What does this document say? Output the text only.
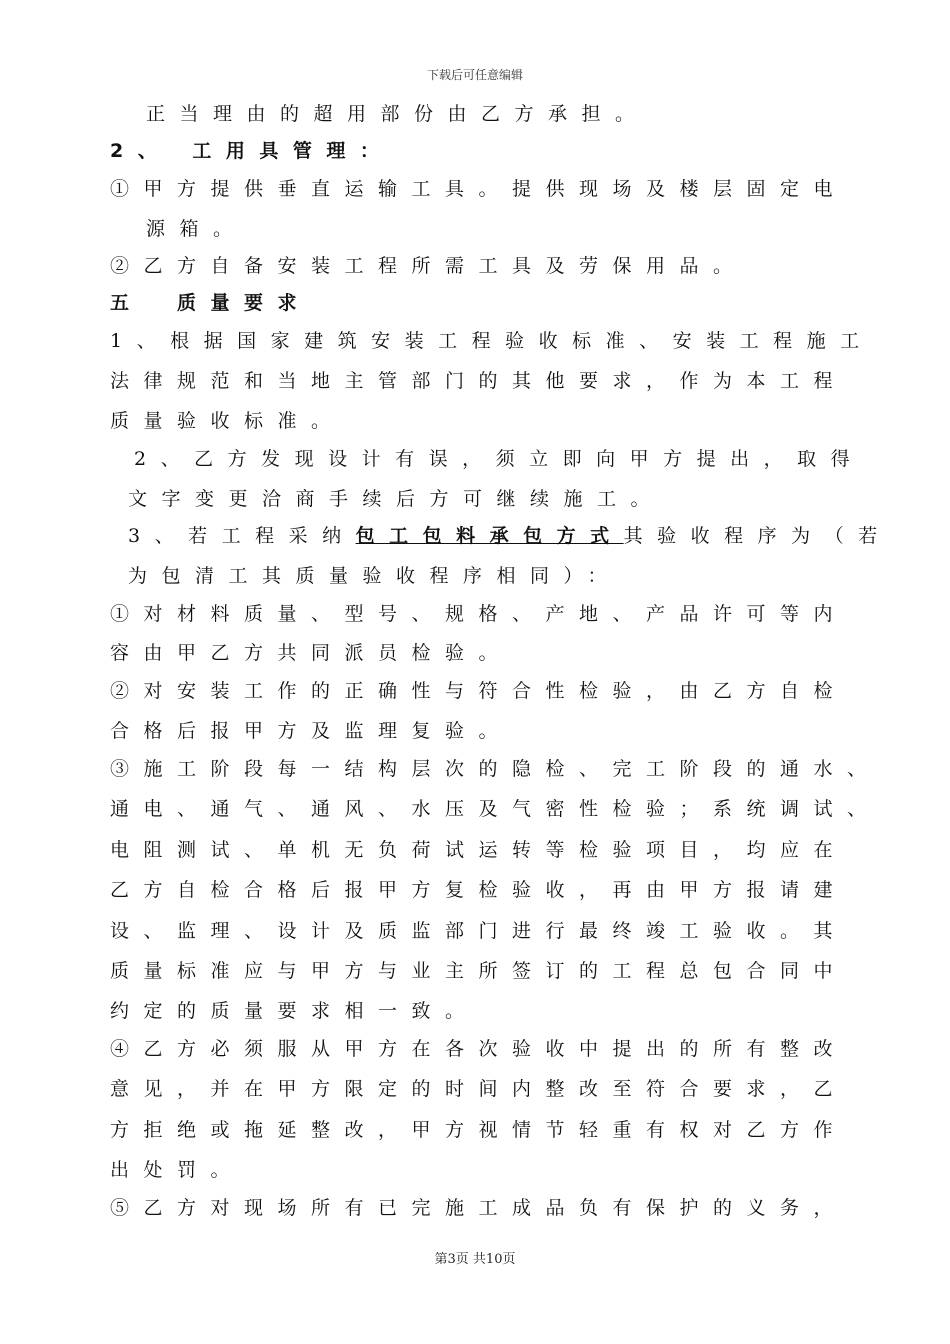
下载后可任意编辑
正当理由的超用部份由乙方承担。
2、 工用具管理：
①甲方提供垂直运输工具。提供现场及楼层固定电
源箱。
②乙方自备安装工程所需工具及劳保用品。
五　质量要求
1、根据国家建筑安装工程验收标准、安装工程施工
法律规范和当地主管部门的其他要求，作为本工程
质量验收标准。
2、乙方发现设计有误，须立即向甲方提出，取得
文字变更洽商手续后方可继续施工。
3、若工程采纳包工包料承包方式其验收程序为（若
为包清工其质量验收程序相同）：
①对材料质量、型号、规格、产地、产品许可等内
容由甲乙方共同派员检验。
②对安装工作的正确性与符合性检验，由乙方自检
合格后报甲方及监理复验。
③施工阶段每一结构层次的隐检、完工阶段的通水、
通电、通气、通风、水压及气密性检验；系统调试、
电阻测试、单机无负荷试运转等检验项目，均应在
乙方自检合格后报甲方复检验收，再由甲方报请建
设、监理、设计及质监部门进行最终竣工验收。其
质量标准应与甲方与业主所签订的工程总包合同中
约定的质量要求相一致。
④乙方必须服从甲方在各次验收中提出的所有整改
意见，并在甲方限定的时间内整改至符合要求，乙
方拒绝或拖延整改，甲方视情节轻重有权对乙方作
出处罚。
⑤乙方对现场所有已完施工成品负有保护的义务，
第3页 共10页
